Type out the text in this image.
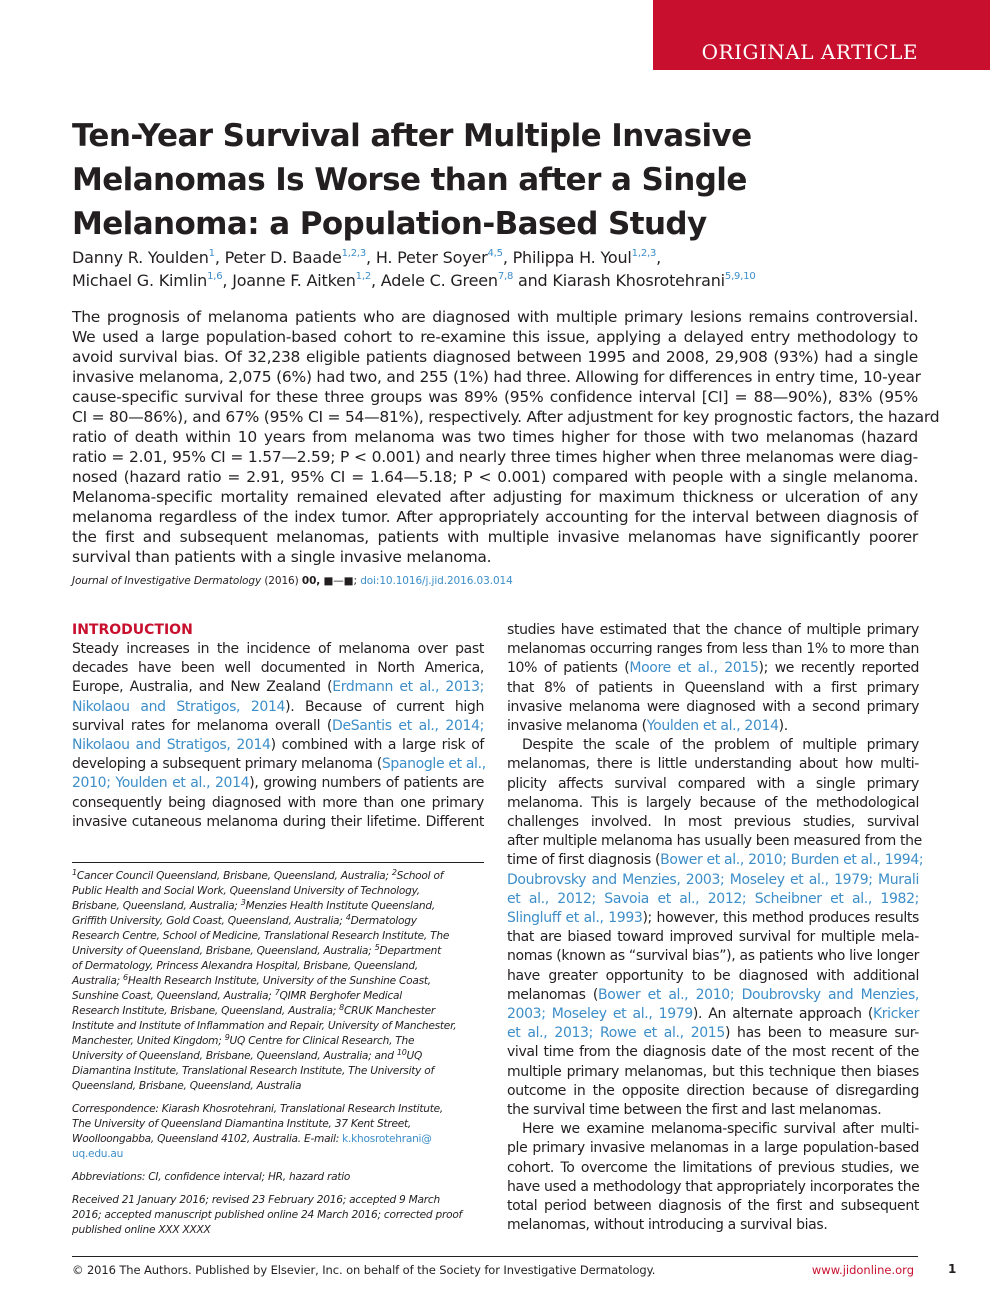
ORIGINAL ARTICLE
Ten-Year Survival after Multiple Invasive
Melanomas Is Worse than after a Single
Melanoma: a Population-Based Study
Danny R. Youlden$^1$, Peter D. Baade$^{1,2,3}$, H. Peter Soyer$^{4,5}$, Philippa H. Youl$^{1,2,3}$,
Michael G. Kimlin$^{1,6}$, Joanne F. Aitken$^{1,2}$, Adele C. Green$^{7,8}$ and Kiarash Khosrotehrani$^{5,9,10}$
The prognosis of melanoma patients who are diagnosed with multiple primary lesions remains controversial.
We used a large population-based cohort to re-examine this issue, applying a delayed entry methodology to
avoid survival bias. Of 32,238 eligible patients diagnosed between 1995 and 2008, 29,908 (93%) had a single
invasive melanoma, 2,075 (6%) had two, and 255 (1%) had three. Allowing for differences in entry time, 10-year
cause-specific survival for these three groups was 89% (95% confidence interval [CI] = 88—90%), 83% (95%
CI = 80—86%), and 67% (95% CI = 54—81%), respectively. After adjustment for key prognostic factors, the hazard
ratio of death within 10 years from melanoma was two times higher for those with two melanomas (hazard
ratio = 2.01, 95% CI = 1.57—2.59; P < 0.001) and nearly three times higher when three melanomas were diag-
nosed (hazard ratio = 2.91, 95% CI = 1.64—5.18; P < 0.001) compared with people with a single melanoma.
Melanoma-specific mortality remained elevated after adjusting for maximum thickness or ulceration of any
melanoma regardless of the index tumor. After appropriately accounting for the interval between diagnosis of
the first and subsequent melanomas, patients with multiple invasive melanomas have significantly poorer
survival than patients with a single invasive melanoma.
Journal of Investigative Dermatology (2016) 00, ■—■; doi:10.1016/j.jid.2016.03.014
INTRODUCTION
Steady increases in the incidence of melanoma over past
decades have been well documented in North America,
Europe, Australia, and New Zealand (Erdmann et al., 2013;
Nikolaou and Stratigos, 2014). Because of current high
survival rates for melanoma overall (DeSantis et al., 2014;
Nikolaou and Stratigos, 2014) combined with a large risk of
developing a subsequent primary melanoma (Spanogle et al.,
2010; Youlden et al., 2014), growing numbers of patients are
consequently being diagnosed with more than one primary
invasive cutaneous melanoma during their lifetime. Different
$^1$Cancer Council Queensland, Brisbane, Queensland, Australia; $^2$School of
Public Health and Social Work, Queensland University of Technology,
Brisbane, Queensland, Australia; $^3$Menzies Health Institute Queensland,
Griffith University, Gold Coast, Queensland, Australia; $^4$Dermatology
Research Centre, School of Medicine, Translational Research Institute, The
University of Queensland, Brisbane, Queensland, Australia; $^5$Department
of Dermatology, Princess Alexandra Hospital, Brisbane, Queensland,
Australia; $^6$Health Research Institute, University of the Sunshine Coast,
Sunshine Coast, Queensland, Australia; $^7$QIMR Berghofer Medical
Research Institute, Brisbane, Queensland, Australia; $^8$CRUK Manchester
Institute and Institute of Inflammation and Repair, University of Manchester,
Manchester, United Kingdom; $^9$UQ Centre for Clinical Research, The
University of Queensland, Brisbane, Queensland, Australia; and $^{10}$UQ
Diamantina Institute, Translational Research Institute, The University of
Queensland, Brisbane, Queensland, Australia
Correspondence: Kiarash Khosrotehrani, Translational Research Institute,
The University of Queensland Diamantina Institute, 37 Kent Street,
Woolloongabba, Queensland 4102, Australia. E-mail: k.khosrotehrani@
uq.edu.au
Abbreviations: CI, confidence interval; HR, hazard ratio
Received 21 January 2016; revised 23 February 2016; accepted 9 March
2016; accepted manuscript published online 24 March 2016; corrected proof
published online XXX XXXX
studies have estimated that the chance of multiple primary
melanomas occurring ranges from less than 1% to more than
10% of patients (Moore et al., 2015); we recently reported
that 8% of patients in Queensland with a first primary
invasive melanoma were diagnosed with a second primary
invasive melanoma (Youlden et al., 2014).
Despite the scale of the problem of multiple primary
melanomas, there is little understanding about how multi-
plicity affects survival compared with a single primary
melanoma. This is largely because of the methodological
challenges involved. In most previous studies, survival
after multiple melanoma has usually been measured from the
time of first diagnosis (Bower et al., 2010; Burden et al., 1994;
Doubrovsky and Menzies, 2003; Moseley et al., 1979; Murali
et al., 2012; Savoia et al., 2012; Scheibner et al., 1982;
Slingluff et al., 1993); however, this method produces results
that are biased toward improved survival for multiple mela-
nomas (known as “survival bias”), as patients who live longer
have greater opportunity to be diagnosed with additional
melanomas (Bower et al., 2010; Doubrovsky and Menzies,
2003; Moseley et al., 1979). An alternate approach (Kricker
et al., 2013; Rowe et al., 2015) has been to measure sur-
vival time from the diagnosis date of the most recent of the
multiple primary melanomas, but this technique then biases
outcome in the opposite direction because of disregarding
the survival time between the first and last melanomas.
Here we examine melanoma-specific survival after multi-
ple primary invasive melanomas in a large population-based
cohort. To overcome the limitations of previous studies, we
have used a methodology that appropriately incorporates the
total period between diagnosis of the first and subsequent
melanomas, without introducing a survival bias.
© 2016 The Authors. Published by Elsevier, Inc. on behalf of the Society for Investigative Dermatology.	www.jidonline.org	1
